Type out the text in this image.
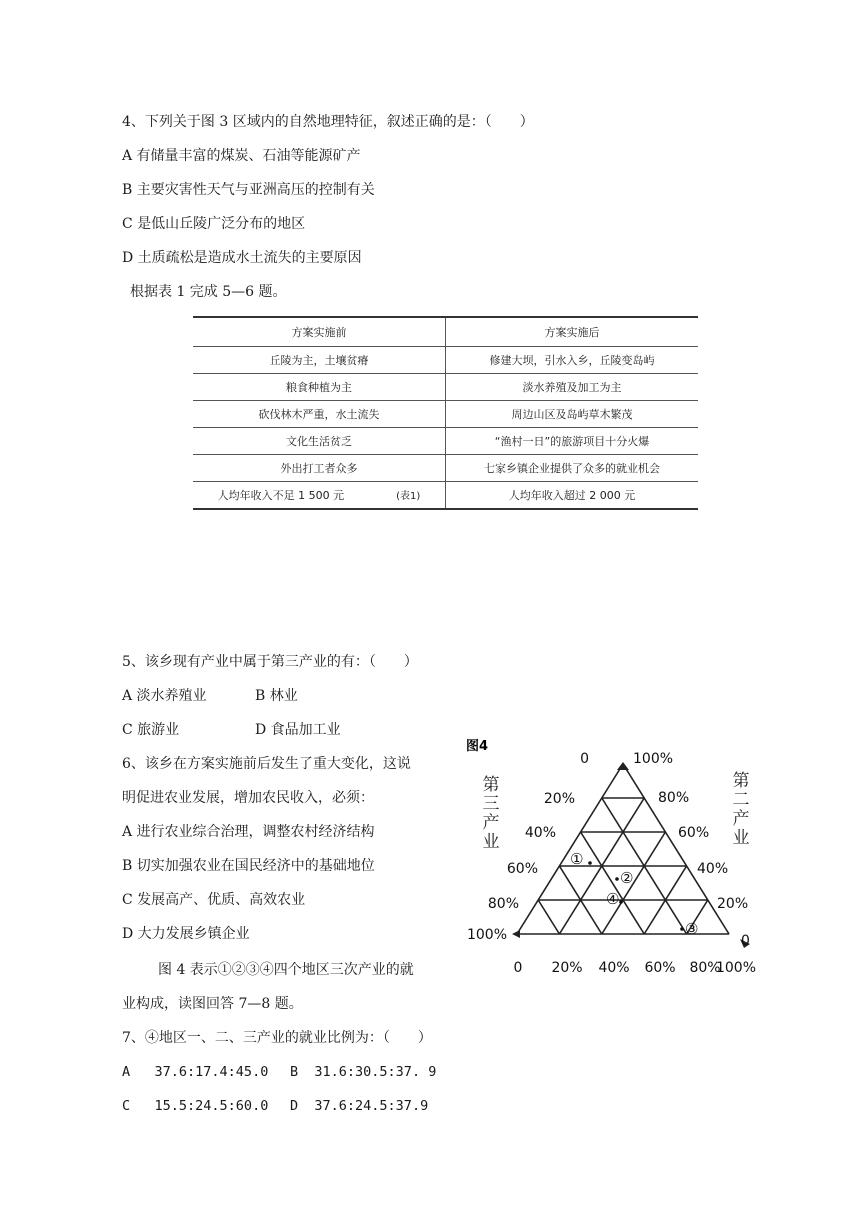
4、下列关于图 3 区域内的自然地理特征，叙述正确的是：（　　）
A 有储量丰富的煤炭、石油等能源矿产
B 主要灾害性天气与亚洲高压的控制有关
C 是低山丘陵广泛分布的地区
D 土质疏松是造成水土流失的主要原因
根据表 1 完成 5—6 题。
方案实施前	方案实施后
丘陵为主，土壤贫瘠	修建大坝，引水入乡，丘陵变岛屿
粮食种植为主	淡水养殖及加工为主
砍伐林木严重，水土流失	周边山区及岛屿草木繁茂
文化生活贫乏	“渔村一日”的旅游项目十分火爆
外出打工者众多	七家乡镇企业提供了众多的就业机会
人均年收入不足 1 500 元 (表1)	人均年收入超过 2 000 元
5、该乡现有产业中属于第三产业的有：（　　）
A 淡水养殖业	B 林业
C 旅游业	D 食品加工业
6、该乡在方案实施前后发生了重大变化，这说
明促进农业发展，增加农民收入，必须：
A 进行农业综合治理，调整农村经济结构
B 切实加强农业在国民经济中的基础地位
C 发展高产、优质、高效农业
D 大力发展乡镇企业
图 4 表示①②③④四个地区三次产业的就
业构成，读图回答 7—8 题。
7、④地区一、二、三产业的就业比例为：（　　）
A 37.6:17.4:45.0 B 31.6:30.5:37. 9
C 15.5:24.5:60.0 D 37.6:24.5:37.9
图4
第
三
产
业
第
二
产
业
0
20%
40%
60%
80%
100%
100%
80%
60%
40%
20%
0
0 20% 40% 60% 80%
100%
①
②
③
④
